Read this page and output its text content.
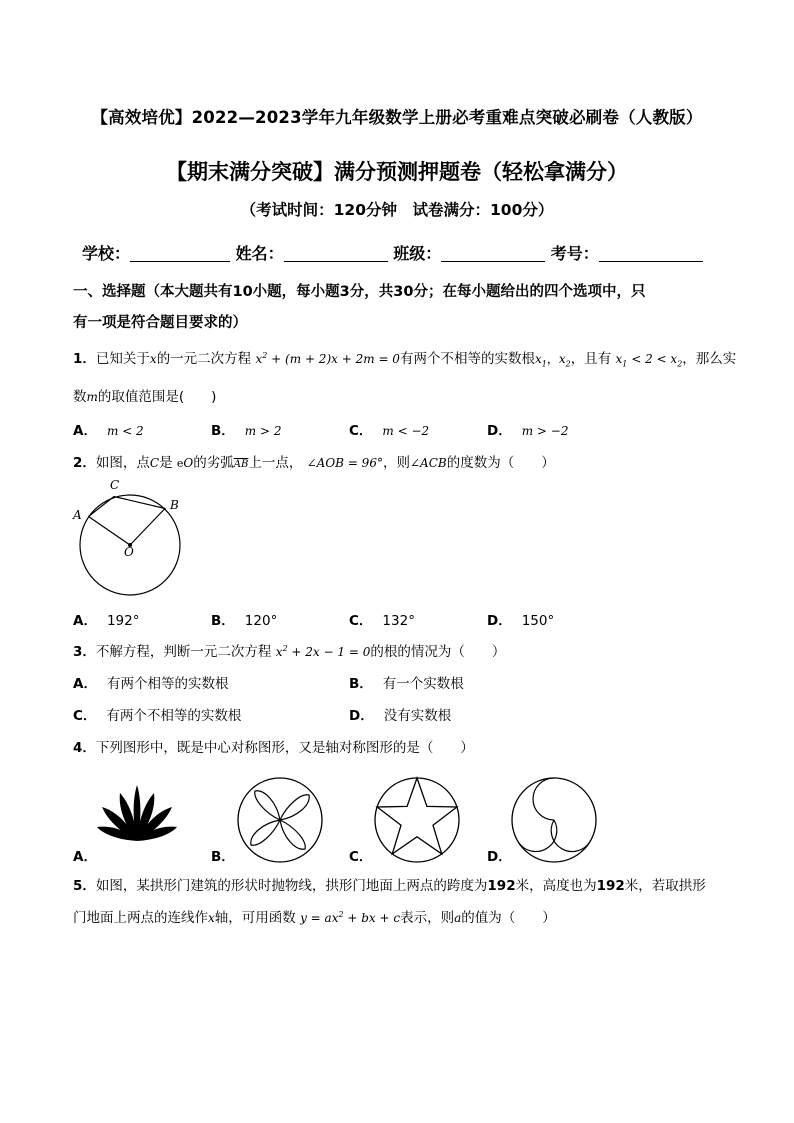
【高效培优】2022—2023学年九年级数学上册必考重难点突破必刷卷（人教版）
【期末满分突破】满分预测押题卷（轻松拿满分）
（考试时间：120分钟　试卷满分：100分）
学校：	姓名：	班级：	考号：
一、选择题（本大题共有10小题，每小题3分，共30分；在每小题给出的四个选项中，只
有一项是符合题目要求的）
1．已知关于x的一元二次方程 $x^2 + (m + 2)x + 2m = 0$有两个不相等的实数根$x_1$，$x_2$，且有 $x_1 < 2 < x_2$，那么实
数m的取值范围是(　　)
A． m < 2	B． m > 2	C． m < −2	D． m > −2
2．如图，点C是 eO的劣弧$\overline{AB}$上一点， ∠AOB = 96°，则∠ACB的度数为（　　）
A
C
B
O
A． 192°	B． 120°	C． 132°	D． 150°
3．不解方程，判断一元二次方程 $x^2 + 2x - 1 = 0$的根的情况为（　　）
A． 有两个相等的实数根	B． 有一个实数根
C． 有两个不相等的实数根	D． 没有实数根
4．下列图形中，既是中心对称图形，又是轴对称图形的是（　　）
A．	B．	C．	D．
5．如图，某拱形门建筑的形状时抛物线，拱形门地面上两点的跨度为192米，高度也为192米，若取拱形
门地面上两点的连线作x轴，可用函数 $y = ax^2$ + bx + c表示，则a的值为（　　）
